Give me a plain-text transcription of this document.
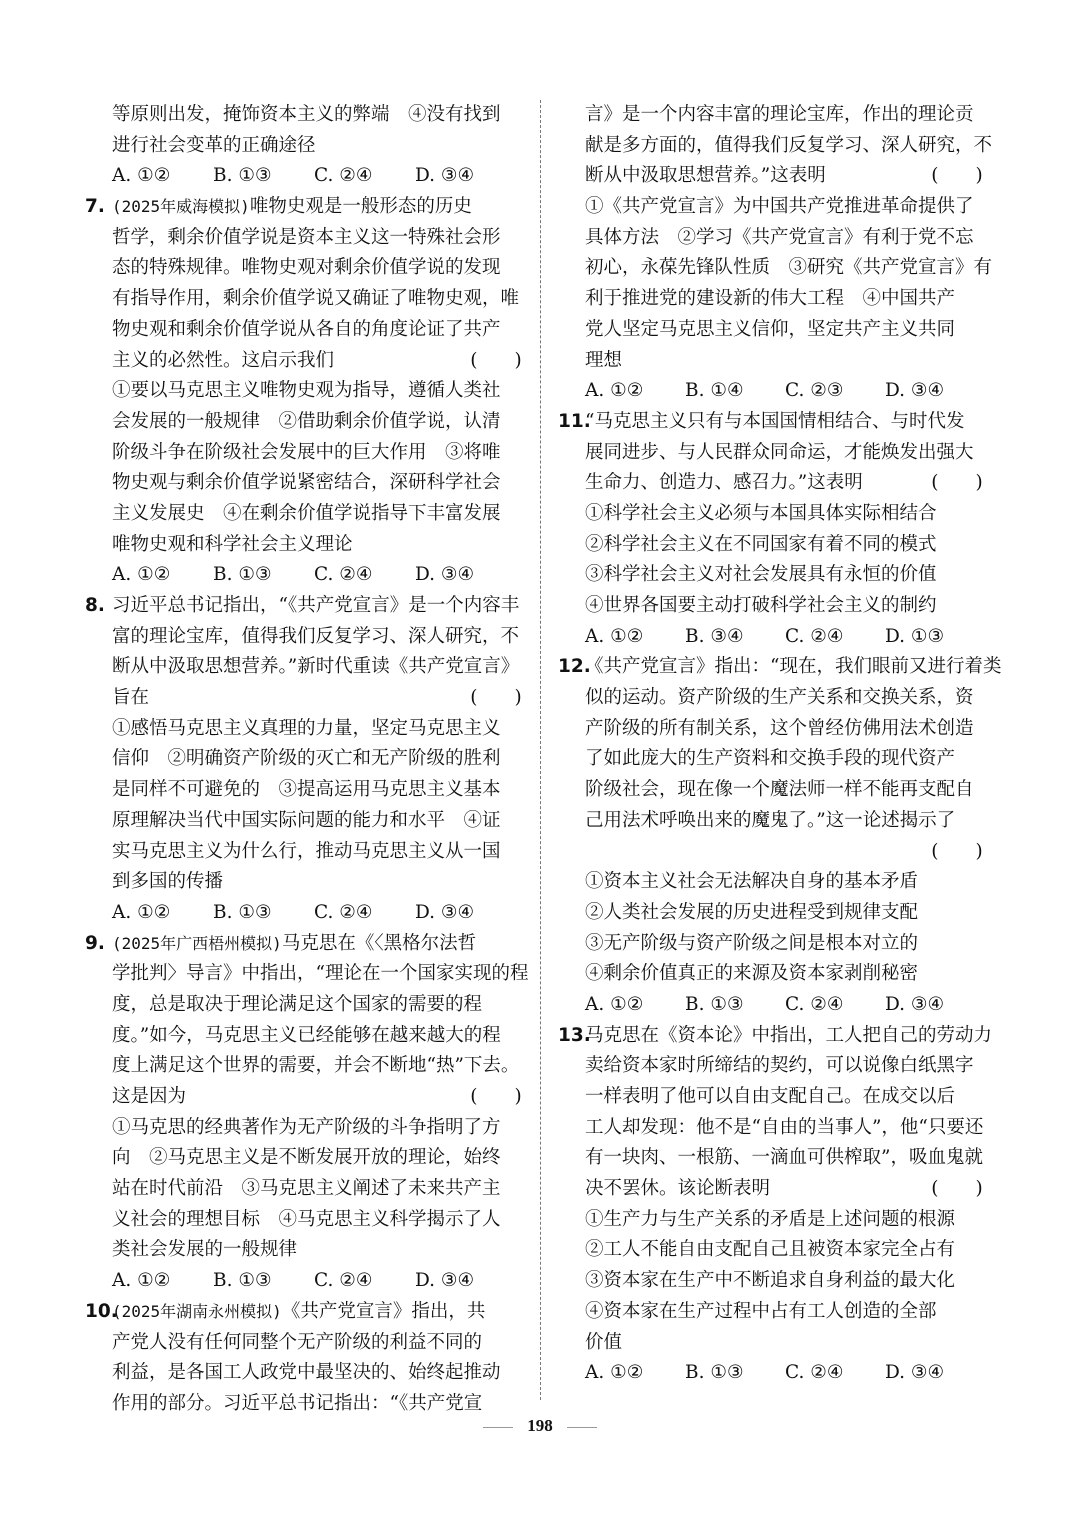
等原则出发，掩饰资本主义的弊端　④没有找到
进行社会变革的正确途径
A. ①②	B. ①③	C. ②④	D. ③④
7. (2025年威海模拟)唯物史观是一般形态的历史
哲学，剩余价值学说是资本主义这一特殊社会形
态的特殊规律。唯物史观对剩余价值学说的发现
有指导作用，剩余价值学说又确证了唯物史观，唯
物史观和剩余价值学说从各自的角度论证了共产
主义的必然性。这启示我们	(　　)
①要以马克思主义唯物史观为指导，遵循人类社
会发展的一般规律　②借助剩余价值学说，认清
阶级斗争在阶级社会发展中的巨大作用　③将唯
物史观与剩余价值学说紧密结合，深研科学社会
主义发展史　④在剩余价值学说指导下丰富发展
唯物史观和科学社会主义理论
A. ①②	B. ①③	C. ②④	D. ③④
8. 习近平总书记指出，“《共产党宣言》是一个内容丰
富的理论宝库，值得我们反复学习、深人研究，不
断从中汲取思想营养。”新时代重读《共产党宣言》
旨在	(　　)
①感悟马克思主义真理的力量，坚定马克思主义
信仰　②明确资产阶级的灭亡和无产阶级的胜利
是同样不可避免的　③提高运用马克思主义基本
原理解决当代中国实际问题的能力和水平　④证
实马克思主义为什么行，推动马克思主义从一国
到多国的传播
A. ①②	B. ①③	C. ②④	D. ③④
9. (2025年广西梧州模拟)马克思在《〈黑格尔法哲
学批判〉导言》中指出，“理论在一个国家实现的程
度，总是取决于理论满足这个国家的需要的程
度。”如今，马克思主义已经能够在越来越大的程
度上满足这个世界的需要，并会不断地“热”下去。
这是因为	(　　)
①马克思的经典著作为无产阶级的斗争指明了方
向　②马克思主义是不断发展开放的理论，始终
站在时代前沿　③马克思主义阐述了未来共产主
义社会的理想目标　④马克思主义科学揭示了人
类社会发展的一般规律
A. ①②	B. ①③	C. ②④	D. ③④
10.
(2025年湖南永州模拟)《共产党宣言》指出，共
产党人没有任何同整个无产阶级的利益不同的
利益，是各国工人政党中最坚决的、始终起推动
作用的部分。习近平总书记指出：“《共产党宣
言》是一个内容丰富的理论宝库，作出的理论贡
献是多方面的，值得我们反复学习、深人研究，不
断从中汲取思想营养。”这表明	(　　)
①《共产党宣言》为中国共产党推进革命提供了
具体方法　②学习《共产党宣言》有利于党不忘
初心，永葆先锋队性质　③研究《共产党宣言》有
利于推进党的建设新的伟大工程　④中国共产
党人坚定马克思主义信仰，坚定共产主义共同
理想
A. ①②	B. ①④	C. ②③	D. ③④
11.
“马克思主义只有与本国国情相结合、与时代发
展同进步、与人民群众同命运，才能焕发出强大
生命力、创造力、感召力。”这表明	(　　)
①科学社会主义必须与本国具体实际相结合
②科学社会主义在不同国家有着不同的模式
③科学社会主义对社会发展具有永恒的价值
④世界各国要主动打破科学社会主义的制约
A. ①②	B. ③④	C. ②④	D. ①③
12.
《共产党宣言》指出：“现在，我们眼前又进行着类
似的运动。资产阶级的生产关系和交换关系，资
产阶级的所有制关系，这个曾经仿佛用法术创造
了如此庞大的生产资料和交换手段的现代资产
阶级社会，现在像一个魔法师一样不能再支配自
己用法术呼唤出来的魔鬼了。”这一论述揭示了
(　　)
①资本主义社会无法解决自身的基本矛盾
②人类社会发展的历史进程受到规律支配
③无产阶级与资产阶级之间是根本对立的
④剩余价值真正的来源及资本家剥削秘密
A. ①②	B. ①③	C. ②④	D. ③④
13.
马克思在《资本论》中指出，工人把自己的劳动力
卖给资本家时所缔结的契约，可以说像白纸黑字
一样表明了他可以自由支配自己。在成交以后
工人却发现：他不是“自由的当事人”，他“只要还
有一块肉、一根筋、一滴血可供榨取”，吸血鬼就
决不罢休。该论断表明	(　　)
①生产力与生产关系的矛盾是上述问题的根源
②工人不能自由支配自己且被资本家完全占有
③资本家在生产中不断追求自身利益的最大化
④资本家在生产过程中占有工人创造的全部
价值
A. ①②	B. ①③	C. ②④	D. ③④
198
